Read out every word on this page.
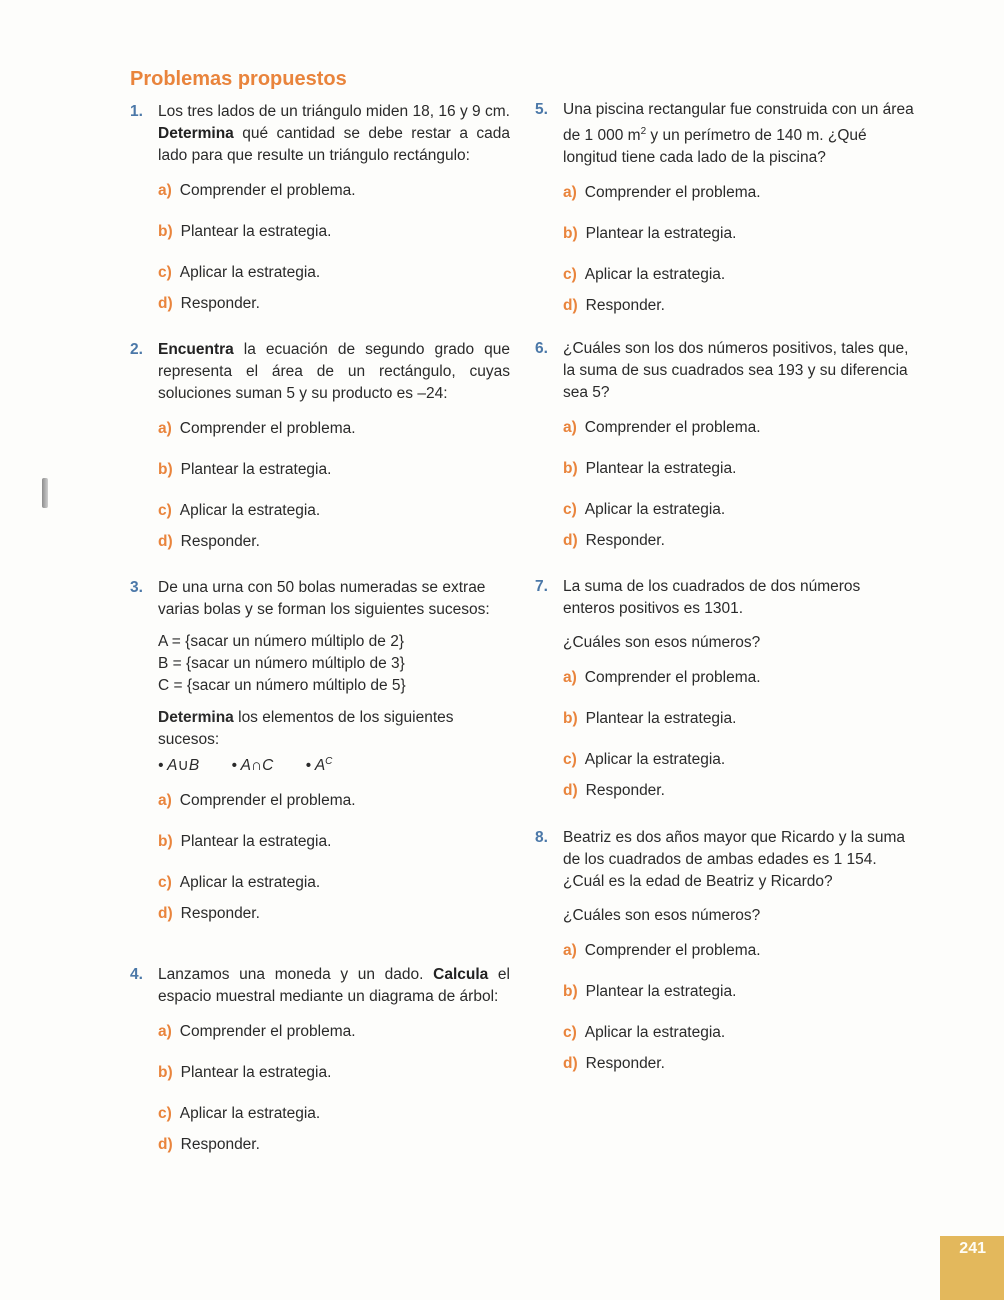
Problemas propuestos
1. Los tres lados de un triángulo miden 18, 16 y 9 cm. Determina qué cantidad se debe restar a cada lado para que resulte un triángulo rectángulo:
a) Comprender el problema.
b) Plantear la estrategia.
c) Aplicar la estrategia.
d) Responder.
2. Encuentra la ecuación de segundo grado que representa el área de un rectángulo, cuyas soluciones suman 5 y su producto es –24:
a) Comprender el problema.
b) Plantear la estrategia.
c) Aplicar la estrategia.
d) Responder.
3. De una urna con 50 bolas numeradas se extrae varias bolas y se forman los siguientes sucesos:
A = {sacar un número múltiplo de 2}
B = {sacar un número múltiplo de 3}
C = {sacar un número múltiplo de 5}
Determina los elementos de los siguientes sucesos:
• A∪B • A∩C • $A^C$
a) Comprender el problema.
b) Plantear la estrategia.
c) Aplicar la estrategia.
d) Responder.
4. Lanzamos una moneda y un dado. Calcula el espacio muestral mediante un diagrama de árbol:
a) Comprender el problema.
b) Plantear la estrategia.
c) Aplicar la estrategia.
d) Responder.
5. Una piscina rectangular fue construida con un área de 1 000 $m^2$ y un perímetro de 140 m. ¿Qué longitud tiene cada lado de la piscina?
a) Comprender el problema.
b) Plantear la estrategia.
c) Aplicar la estrategia.
d) Responder.
6. ¿Cuáles son los dos números positivos, tales que, la suma de sus cuadrados sea 193 y su diferencia sea 5?
a) Comprender el problema.
b) Plantear la estrategia.
c) Aplicar la estrategia.
d) Responder.
7. La suma de los cuadrados de dos números enteros positivos es 1301.
¿Cuáles son esos números?
a) Comprender el problema.
b) Plantear la estrategia.
c) Aplicar la estrategia.
d) Responder.
8. Beatriz es dos años mayor que Ricardo y la suma de los cuadrados de ambas edades es 1 154. ¿Cuál es la edad de Beatriz y Ricardo?
¿Cuáles son esos números?
a) Comprender el problema.
b) Plantear la estrategia.
c) Aplicar la estrategia.
d) Responder.
241
